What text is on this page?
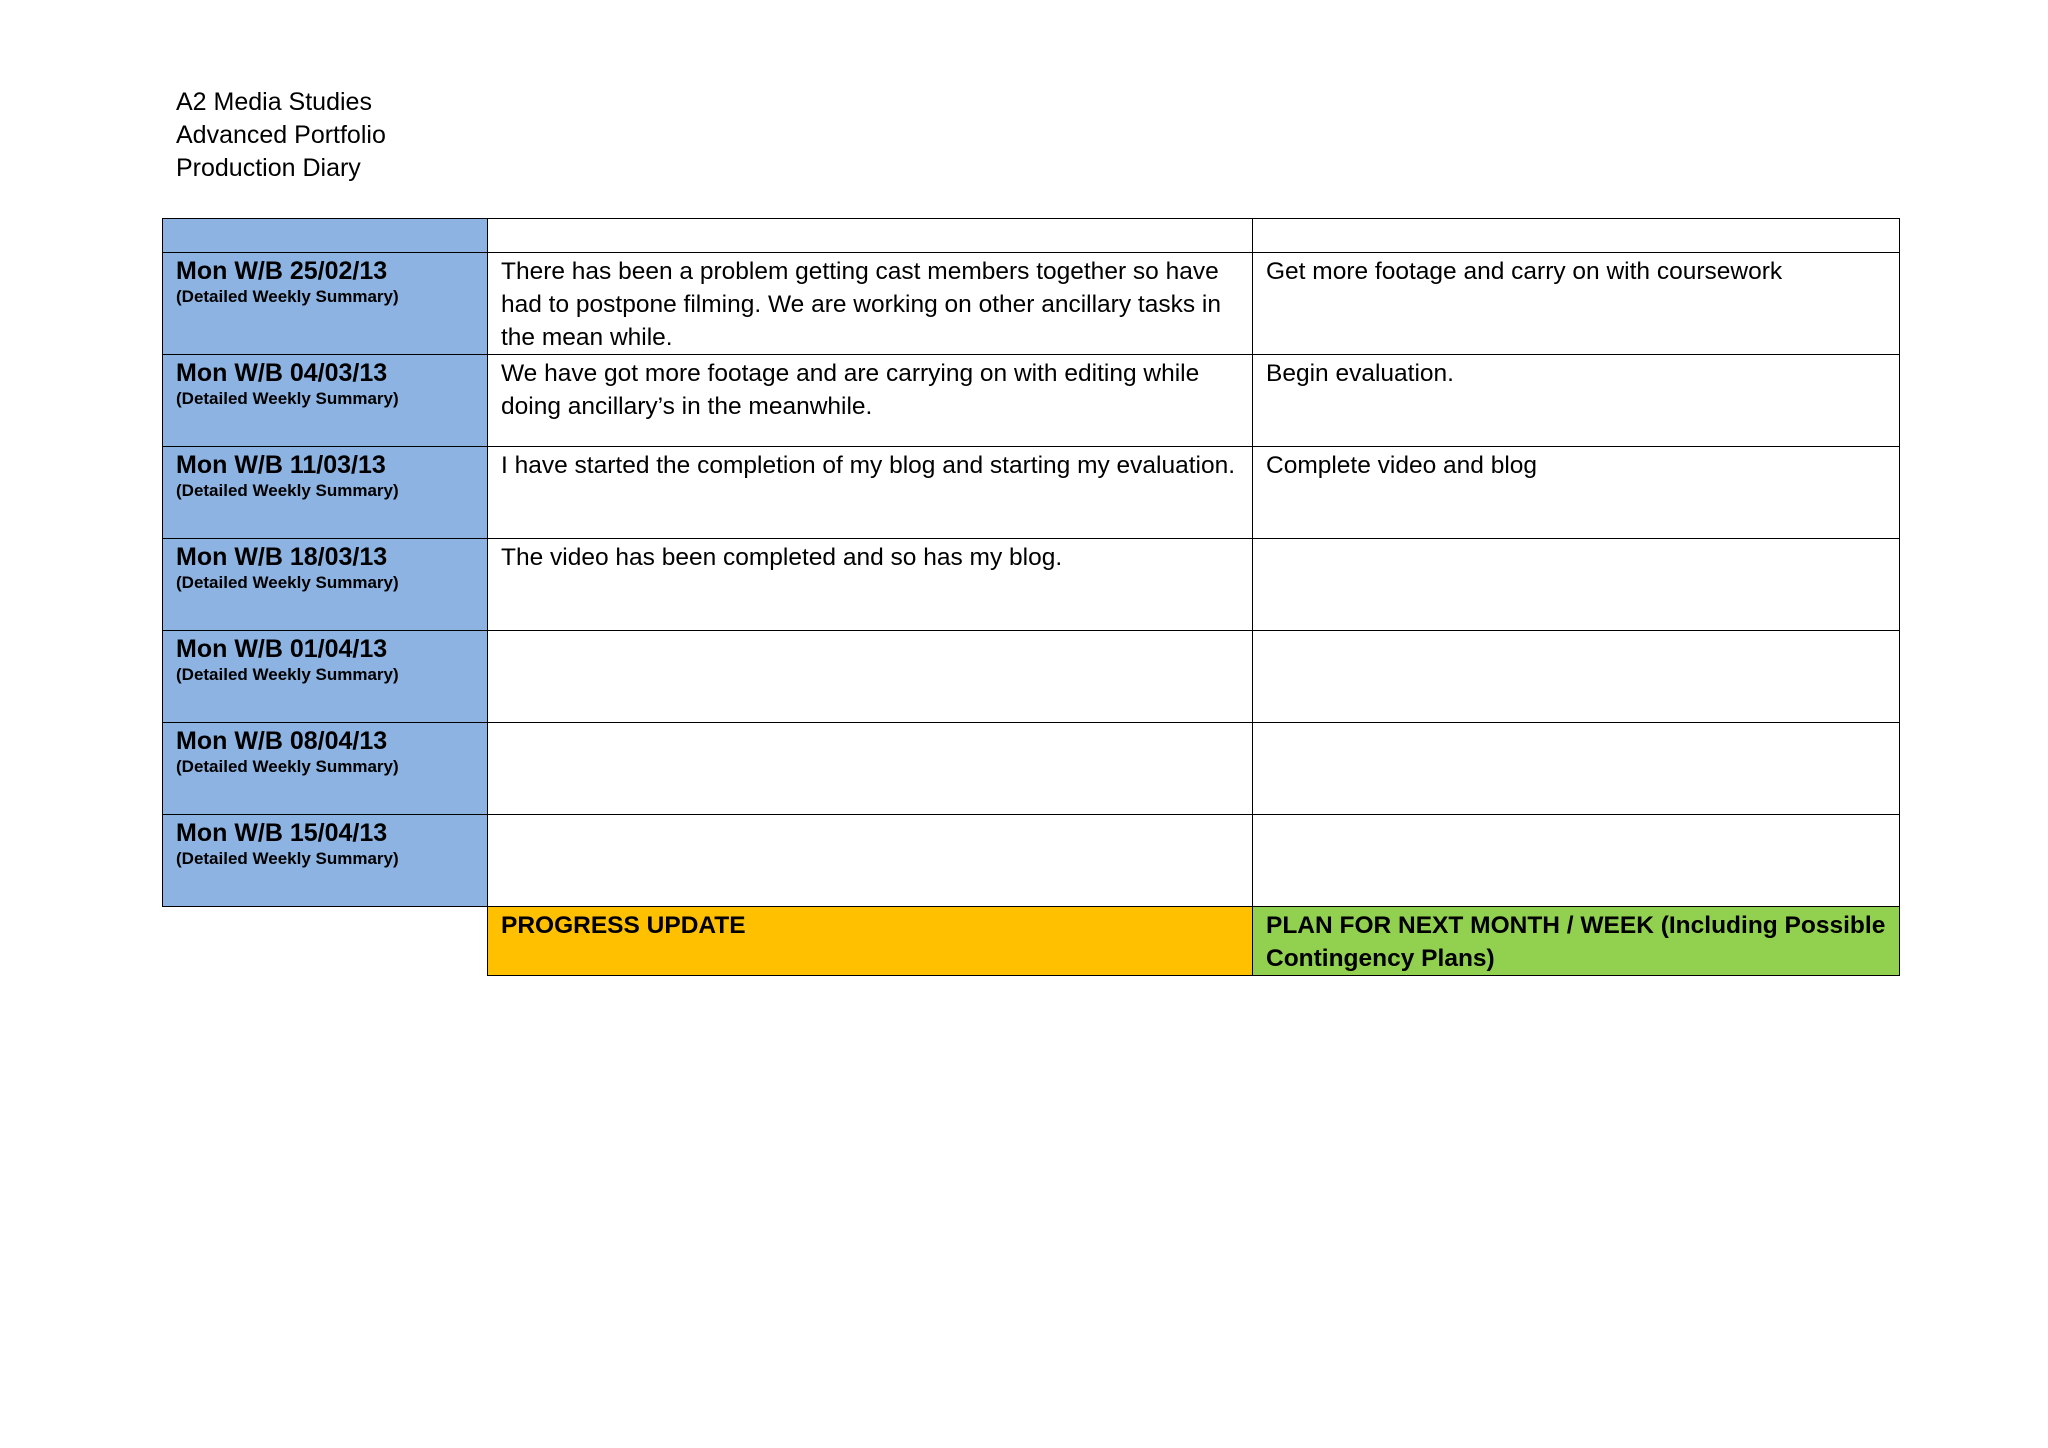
A2 Media Studies
Advanced Portfolio
Production Diary

Mon W/B 25/02/13
(Detailed Weekly Summary)	There has been a problem getting cast members together so have had to postpone filming. We are working on other ancillary tasks in the mean while.	Get more footage and carry on with coursework

Mon W/B 04/03/13
(Detailed Weekly Summary)	We have got more footage and are carrying on with editing while doing ancillary’s in the meanwhile.	Begin evaluation.

Mon W/B 11/03/13
(Detailed Weekly Summary)	I have started the completion of my blog and starting my evaluation.	Complete video and blog

Mon W/B 18/03/13
(Detailed Weekly Summary)	The video has been completed and so has my blog.	

Mon W/B 01/04/13
(Detailed Weekly Summary)		

Mon W/B 08/04/13
(Detailed Weekly Summary)		

Mon W/B 15/04/13
(Detailed Weekly Summary)		

	PROGRESS UPDATE	PLAN FOR NEXT MONTH / WEEK (Including Possible Contingency Plans)
